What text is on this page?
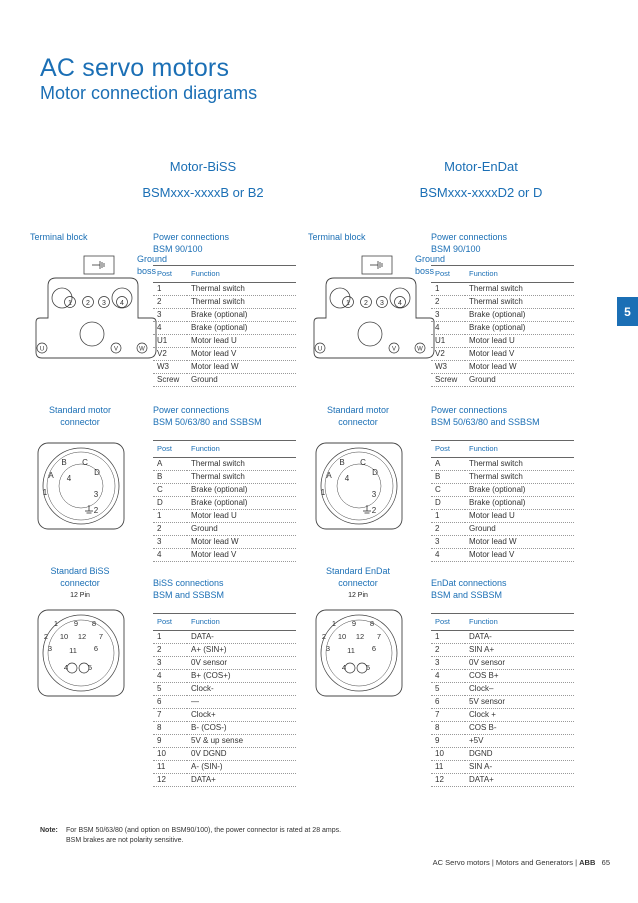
AC servo motors
Motor connection diagrams
5
Motor-BiSS
BSMxxx-xxxxB or B2
Terminal block
Ground
boss
1 2 3 4
U	V	W
Power connections
BSM 90/100
Post	Function
1	Thermal switch
2	Thermal switch
3	Brake (optional)
4	Brake (optional)
U1	Motor lead U
V2	Motor lead V
W3	Motor lead W
Screw	Ground
Standard motor
connector
A
B C
D
1
2
3
4
Power connections
BSM 50/63/80 and SSBSM
Post	Function
A	Thermal switch
B	Thermal switch
C	Brake (optional)
D	Brake (optional)
1	Motor lead U
2	Ground
3	Motor lead W
4	Motor lead V
Standard BiSS
connector
12 Pin
1
2
3
4	5
6
7
8
9
10
11
12
BiSS connections
BSM and SSBSM
Post	Function
1	DATA-
2	A+ (SIN+)
3	0V sensor
4	B+ (COS+)
5	Clock-
6	—
7	Clock+
8	B- (COS-)
9	5V & up sense
10	0V DGND
11	A- (SIN-)
12	DATA+
Motor-EnDat
BSMxxx-xxxxD2 or D
Terminal block
Ground
boss
1 2 3 4
U	V	W
Power connections
BSM 90/100
Post	Function
1	Thermal switch
2	Thermal switch
3	Brake (optional)
4	Brake (optional)
U1	Motor lead U
V2	Motor lead V
W3	Motor lead W
Screw	Ground
Standard motor
connector
A
B C
D
1
2
3
4
Power connections
BSM 50/63/80 and SSBSM
Post	Function
A	Thermal switch
B	Thermal switch
C	Brake (optional)
D	Brake (optional)
1	Motor lead U
2	Ground
3	Motor lead W
4	Motor lead V
Standard EnDat
connector
12 Pin
1
2
3
4	5
6
7
8
9
10
11
12
EnDat connections
BSM and SSBSM
Post	Function
1	DATA-
2	SIN A+
3	0V sensor
4	COS B+
5	Clock–
6	5V sensor
7	Clock +
8	COS B-
9	+5V
10	DGND
11	SIN A-
12	DATA+
Note: For BSM 50/63/80 (and option on BSM90/100), the power connector is rated at 28 amps.
BSM brakes are not polarity sensitive.
AC Servo motors | Motors and Generators | ABB 65
